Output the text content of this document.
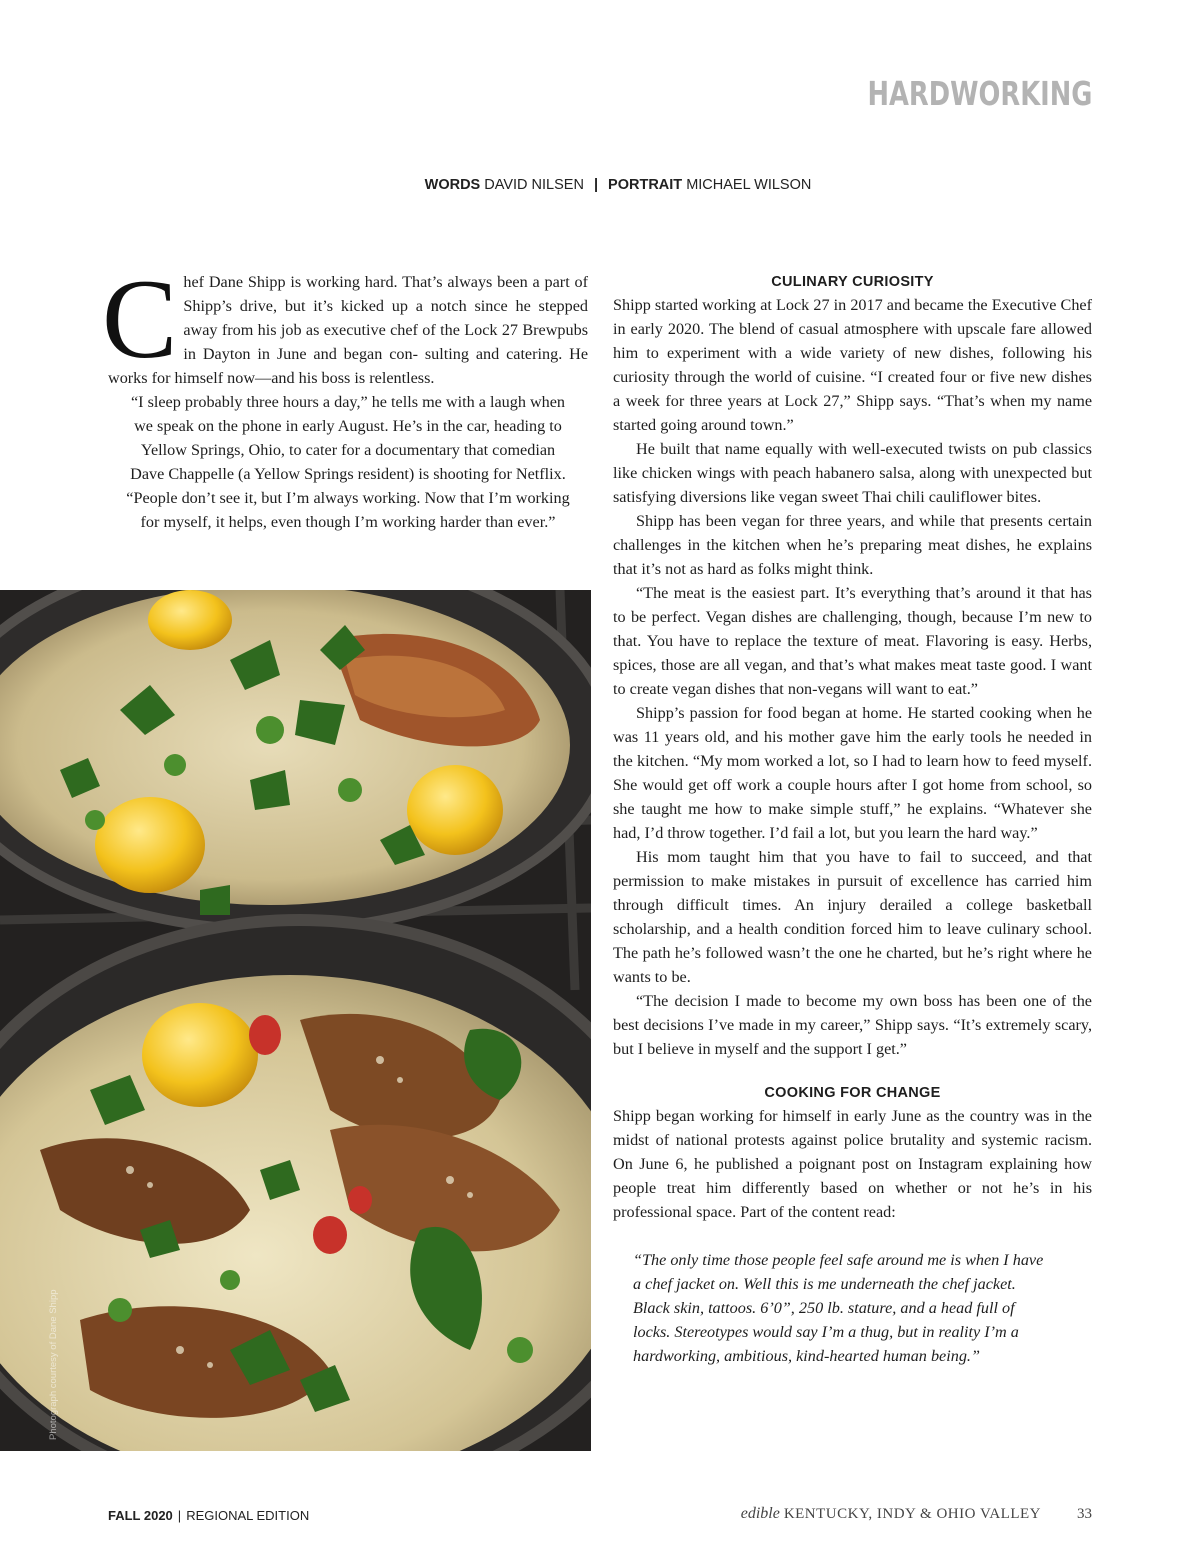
HARDWORKING
WORDS DAVID NILSEN | PORTRAIT MICHAEL WILSON

C hef Dane Shipp is working hard. That’s always been a part of Shipp’s drive, but it’s kicked up a notch since he stepped away from his job as executive chef of the Lock 27 Brewpubs in Dayton in June and began con- sulting and catering. He works for himself now—and his boss is relentless.

“I sleep probably three hours a day,” he tells me with a laugh when
we speak on the phone in early August. He’s in the car, heading to
Yellow Springs, Ohio, to cater for a documentary that comedian
Dave Chappelle (a Yellow Springs resident) is shooting for Netflix.
“People don’t see it, but I’m always working. Now that I’m working
for myself, it helps, even though I’m working harder than ever.”

Photograph courtesy of Dane Shipp
CULINARY CURIOSITY

Shipp started working at Lock 27 in 2017 and became the Executive Chef in early 2020. The blend of casual atmosphere with upscale fare allowed him to experiment with a wide variety of new dishes, following his curiosity through the world of cuisine. “I created four or five new dishes a week for three years at Lock 27,” Shipp says. “That’s when my name started going around town.”

He built that name equally with well-executed twists on pub classics like chicken wings with peach habanero salsa, along with unexpected but satisfying diversions like vegan sweet Thai chili cauliflower bites.

Shipp has been vegan for three years, and while that presents certain challenges in the kitchen when he’s preparing meat dishes, he explains that it’s not as hard as folks might think.

“The meat is the easiest part. It’s everything that’s around it that has to be perfect. Vegan dishes are challenging, though, because I’m new to that. You have to replace the texture of meat. Flavoring is easy. Herbs, spices, those are all vegan, and that’s what makes meat taste good. I want to create vegan dishes that non-vegans will want to eat.”

Shipp’s passion for food began at home. He started cooking when he was 11 years old, and his mother gave him the early tools he needed in the kitchen. “My mom worked a lot, so I had to learn how to feed myself. She would get off work a couple hours after I got home from school, so she taught me how to make simple stuff,” he explains. “Whatever she had, I’d throw together. I’d fail a lot, but you learn the hard way.”

His mom taught him that you have to fail to succeed, and that permission to make mistakes in pursuit of excellence has carried him through difficult times. An injury derailed a college basketball scholarship, and a health condition forced him to leave culinary school. The path he’s followed wasn’t the one he charted, but he’s right where he wants to be.

“The decision I made to become my own boss has been one of the best decisions I’ve made in my career,” Shipp says. “It’s extremely scary, but I believe in myself and the support I get.”

COOKING FOR CHANGE

Shipp began working for himself in early June as the country was in the midst of national protests against police brutality and systemic racism. On June 6, he published a poignant post on Instagram explaining how people treat him differently based on whether or not he’s in his professional space. Part of the content read:

“The only time those people feel safe around me is when I have
a chef jacket on. Well this is me underneath the chef jacket.
Black skin, tattoos. 6’0”, 250 lb. stature, and a head full of
locks. Stereotypes would say I’m a thug, but in reality I’m a
hardworking, ambitious, kind-hearted human being.”
FALL 2020 | REGIONAL EDITION	edible KENTUCKY, INDY & OHIO VALLEY 33
